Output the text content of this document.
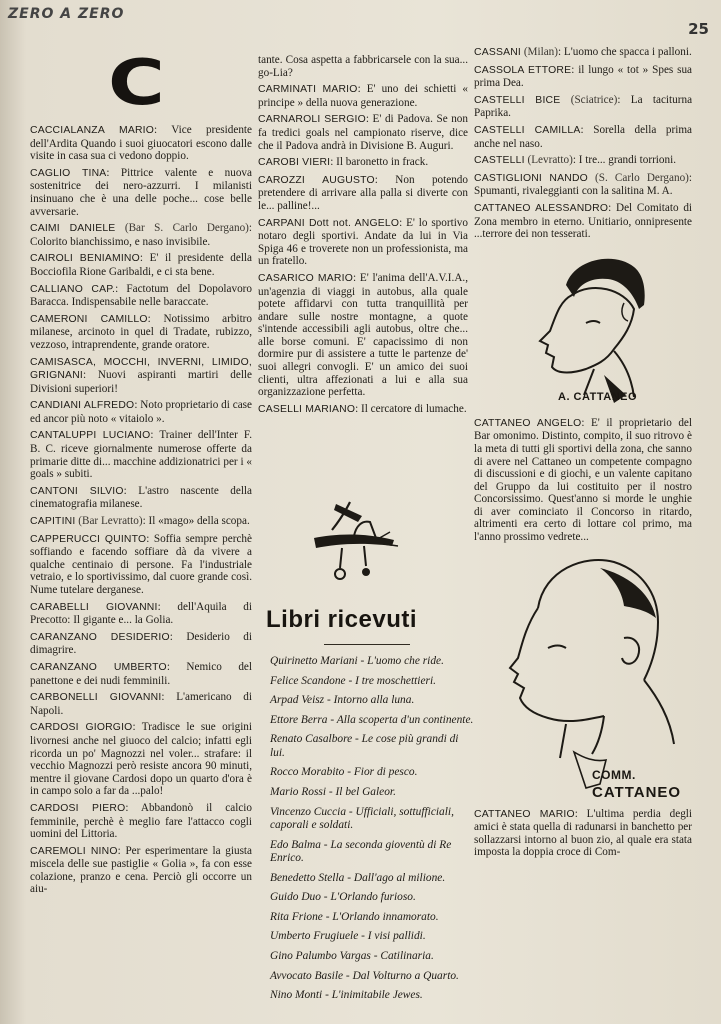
ZERO A ZERO
25
C

CACCIALANZA MARIO: Vice presidente dell'Ardita Quando i suoi giuocatori escono dalle visite in casa sua ci vedono doppio.

CAGLIO TINA: Pittrice valente e nuova sostenitrice dei nero-azzurri. I milanisti insinuano che è una delle poche... cose belle avversarie.

CAIMI DANIELE (Bar S. Carlo Dergano): Colorito bianchissimo, e naso invisibile.

CAIROLI BENIAMINO: E' il presidente della Bocciofila Rione Garibaldi, e ci sta bene.

CALLIANO CAP.: Factotum del Dopolavoro Baracca. Indispensabile nelle baraccate.

CAMERONI CAMILLO: Notissimo arbitro milanese, arcinoto in quel di Tradate, rubizzo, vezzoso, intraprendente, grande oratore.

CAMISASCA, MOCCHI, INVERNI, LIMIDO, GRIGNANI: Nuovi aspiranti martiri delle Divisioni superiori!

CANDIANI ALFREDO: Noto proprietario di case ed ancor più noto « vitaiolo ».

CANTALUPPI LUCIANO: Trainer dell'Inter F. B. C. riceve giornalmente numerose offerte da primarie ditte di... macchine addizionatrici per i « goals » subiti.

CANTONI SILVIO: L'astro nascente della cinematografia milanese.

CAPITINI (Bar Levratto): Il «mago» della scopa.

CAPPERUCCI QUINTO: Soffia sempre perchè soffiando e facendo soffiare dà da vivere a qualche centinaio di persone. Fa l'industriale vetraio, e lo sportivissimo, dal cuore grande così. Nume tutelare derganese.

CARABELLI GIOVANNI: dell'Aquila di Precotto: Il gigante e... la Golia.

CARANZANO DESIDERIO: Desiderio di dimagrire.

CARANZANO UMBERTO: Nemico del panettone e dei nudi femminili.

CARBONELLI GIOVANNI: L'americano di Napoli.

CARDOSI GIORGIO: Tradisce le sue origini livornesi anche nel giuoco del calcio; infatti egli ricorda un po' Magnozzi nel voler... strafare: il vecchio Magnozzi però resiste ancora 90 minuti, mentre il giovane Cardosi dopo un quarto d'ora è in campo solo a far da ...palo!

CARDOSI PIERO: Abbandonò il calcio femminile, perchè è meglio fare l'attacco cogli uomini del Littoria.

CAREMOLI NINO: Per esperimentare la giusta miscela delle sue pastiglie « Golia », fa con esse colazione, pranzo e cena. Perciò gli occorre un aiu-

tante. Cosa aspetta a fabbricarsele con la sua... go-Lia?

CARMINATI MARIO: E' uno dei schietti « principe » della nuova generazione.

CARNAROLI SERGIO: E' di Padova. Se non fa tredici goals nel campionato riserve, dice che il Padova andrà in Divisione B. Auguri.

CAROBI VIERI: Il baronetto in frack.

CAROZZI AUGUSTO: Non potendo pretendere di arrivare alla palla si diverte con le... palline!...

CARPANI Dott not. ANGELO: E' lo sportivo notaro degli sportivi. Andate da lui in Via Spiga 46 e troverete non un professionista, ma un fratello.

CASARICO MARIO: E' l'anima dell'A.V.I.A., un'agenzia di viaggi in autobus, alla quale potete affidarvi con tutta tranquillità per andare sulle nostre montagne, a quote s'intende accessibili agli autobus, oltre che... alle borse comuni. E' capacissimo di non dormire pur di assistere a tutte le partenze de' suoi allegri convogli. E' un amico dei suoi clienti, ultra affezionati a lui e alla sua organizzazione perfetta.

CASELLI MARIANO: Il cercatore di lumache.

CASSANI (Milan): L'uomo che spacca i palloni.

CASSOLA ETTORE: il lungo « tot » Spes sua prima Dea.

CASTELLI BICE (Sciatrice): La taciturna Paprika.

CASTELLI CAMILLA: Sorella della prima anche nel naso.

CASTELLI (Levratto): I tre... grandi torrioni.

CASTIGLIONI NANDO (S. Carlo Dergano): Spumanti, rivaleggianti con la salitina M. A.

CATTANEO ALESSANDRO: Del Comitato di Zona membro in eterno. Unitiario, onnipresente ...terrore dei non tesserati.

A. CATTANEO

CATTANEO ANGELO: E' il proprietario del Bar omonimo. Distinto, compito, il suo ritrovo è la meta di tutti gli sportivi della zona, che sanno di avere nel Cattaneo un competente compagno di discussioni e di giochi, e un valente capitano del Gruppo da lui costituito per il nostro Concorsissimo. Quest'anno si morde le unghie di aver cominciato il Concorso in ritardo, altrimenti era certo di lottare col primo, ma l'anno prossimo vedrete...

COMM.
CATTANEO

CATTANEO MARIO: L'ultima perdia degli amici è stata quella di radunarsi in banchetto per sollazzarsi intorno al buon zio, al quale era stata imposta la doppia croce di Com-

Libri ricevuti
Quirinetto Mariani - L'uomo che ride.
Felice Scandone - I tre moschettieri.
Arpad Veisz - Intorno alla luna.
Ettore Berra - Alla scoperta d'un continente.
Renato Casalbore - Le cose più grandi di lui.
Rocco Morabito - Fior di pesco.
Mario Rossi - Il bel Galeor.
Vincenzo Cuccia - Ufficiali, sottufficiali, caporali e soldati.
Edo Balma - La seconda gioventù di Re Enrico.
Benedetto Stella - Dall'ago al milione.
Guido Duo - L'Orlando furioso.
Rita Frione - L'Orlando innamorato.
Umberto Frugiuele - I visi pallidi.
Gino Palumbo Vargas - Catilinaria.
Avvocato Basile - Dal Volturno a Quarto.
Nino Monti - L'inimitabile Jewes.
